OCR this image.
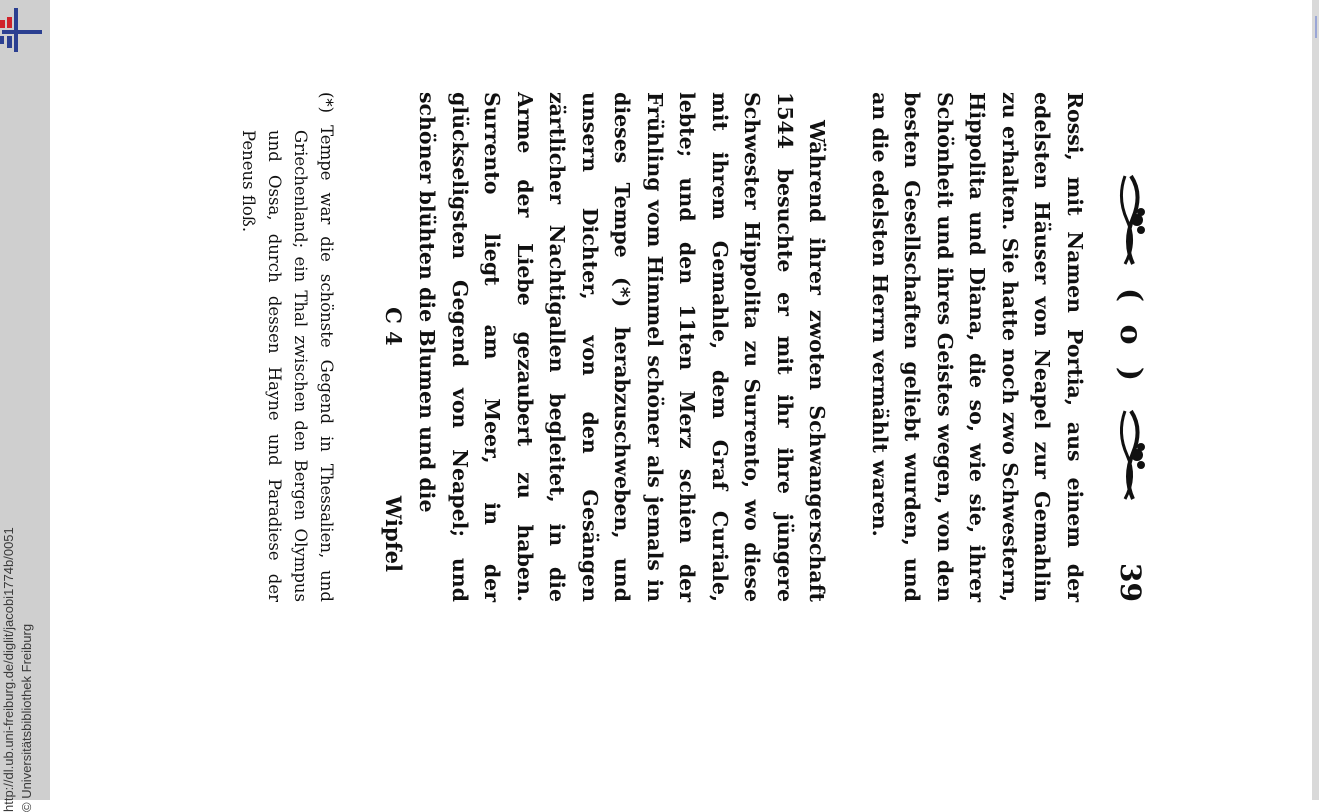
http://dl.ub.uni-freiburg.de/diglit/jacobi1774b/0051 © Universitätsbibliothek Freiburg
( o )
39

Rossi, mit Namen Portia, aus einem der edelsten Häuser von Neapel zur Gemahlin zu erhalten. Sie hatte noch zwo Schwestern, Hippolita und Diana, die so, wie sie, ihrer Schönheit und ihres Geistes wegen, von den besten Gesellschaften geliebt wurden, und an die edelsten Herrn vermählt waren.

Während ihrer zwoten Schwangerschaft 1544 besuchte er mit ihr ihre jüngere Schwester Hippolita zu Surrento, wo diese mit ihrem Gemahle, dem Graf Curiale, lebte; und den 11ten Merz schien der Frühling vom Himmel schöner als jemals in dieses Tempe (*) herabzuschweben, und unsern Dichter, von den Gesängen zärtlicher Nachtigallen begleitet, in die Arme der Liebe gezaubert zu haben. Surrento liegt am Meer, in der glückseligsten Gegend von Neapel; und schöner blühten die Blumen und die

C 4
Wipfel

(*) Tempe war die schönste Gegend in Thessalien, und Griechenland; ein Thal zwischen den Bergen Olympus und Ossa, durch dessen Hayne und Paradiese der Peneus floß.
